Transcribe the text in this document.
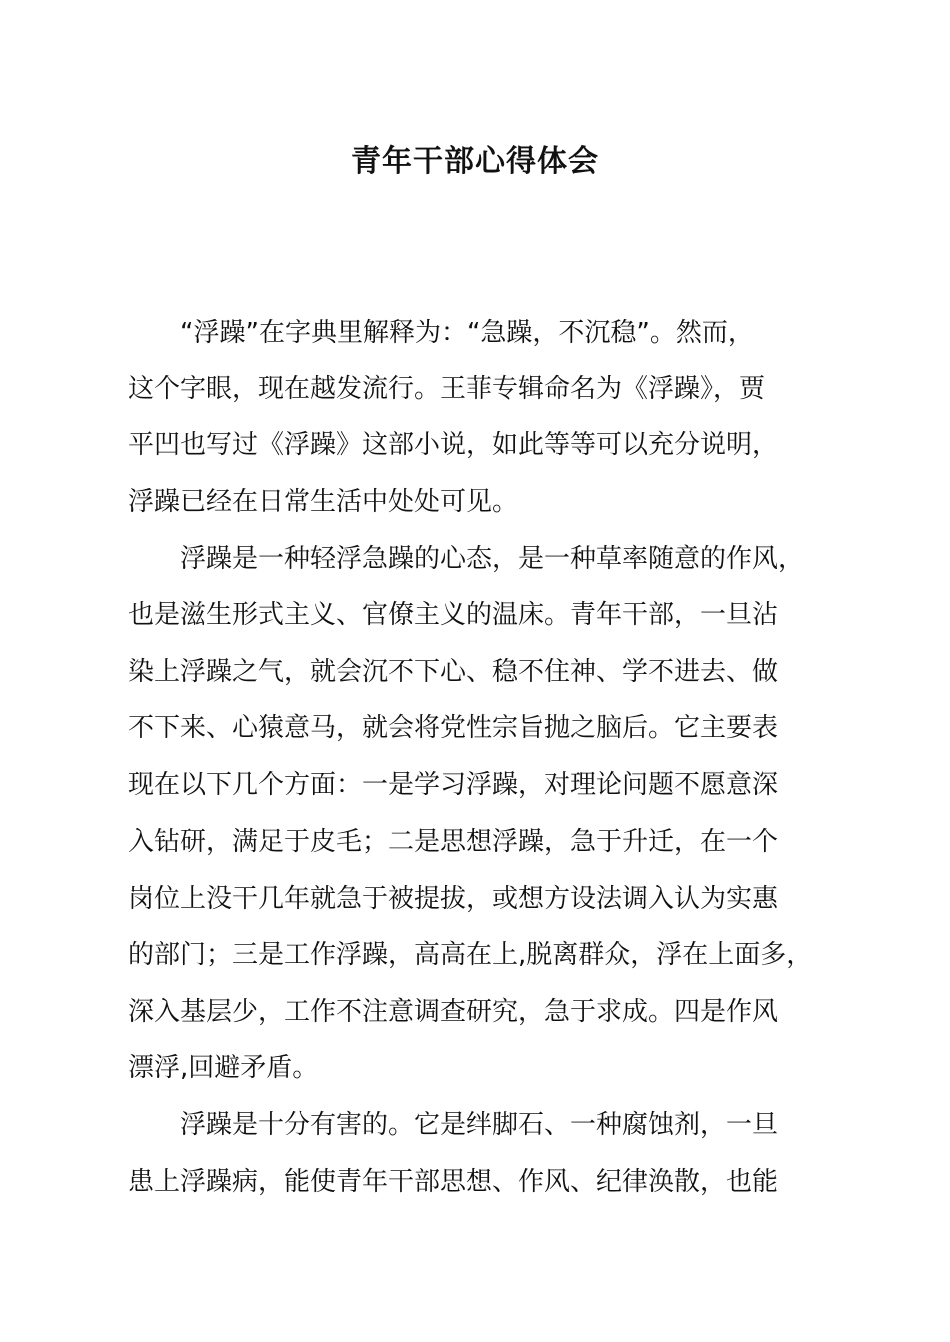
青年干部心得体会
　　“浮躁”在字典里解释为：“急躁，不沉稳”。然而，
这个字眼，现在越发流行。王菲专辑命名为《浮躁》，贾
平凹也写过《浮躁》这部小说，如此等等可以充分说明，
浮躁已经在日常生活中处处可见。
　　浮躁是一种轻浮急躁的心态，是一种草率随意的作风，
也是滋生形式主义、官僚主义的温床。青年干部，一旦沾
染上浮躁之气，就会沉不下心、稳不住神、学不进去、做
不下来、心猿意马，就会将党性宗旨抛之脑后。它主要表
现在以下几个方面：一是学习浮躁，对理论问题不愿意深
入钻研，满足于皮毛；二是思想浮躁，急于升迁，在一个
岗位上没干几年就急于被提拔，或想方设法调入认为实惠
的部门；三是工作浮躁，高高在上,脱离群众，浮在上面多，
深入基层少，工作不注意调查研究，急于求成。四是作风
漂浮,回避矛盾。
　　浮躁是十分有害的。它是绊脚石、一种腐蚀剂，一旦
患上浮躁病，能使青年干部思想、作风、纪律涣散，也能
